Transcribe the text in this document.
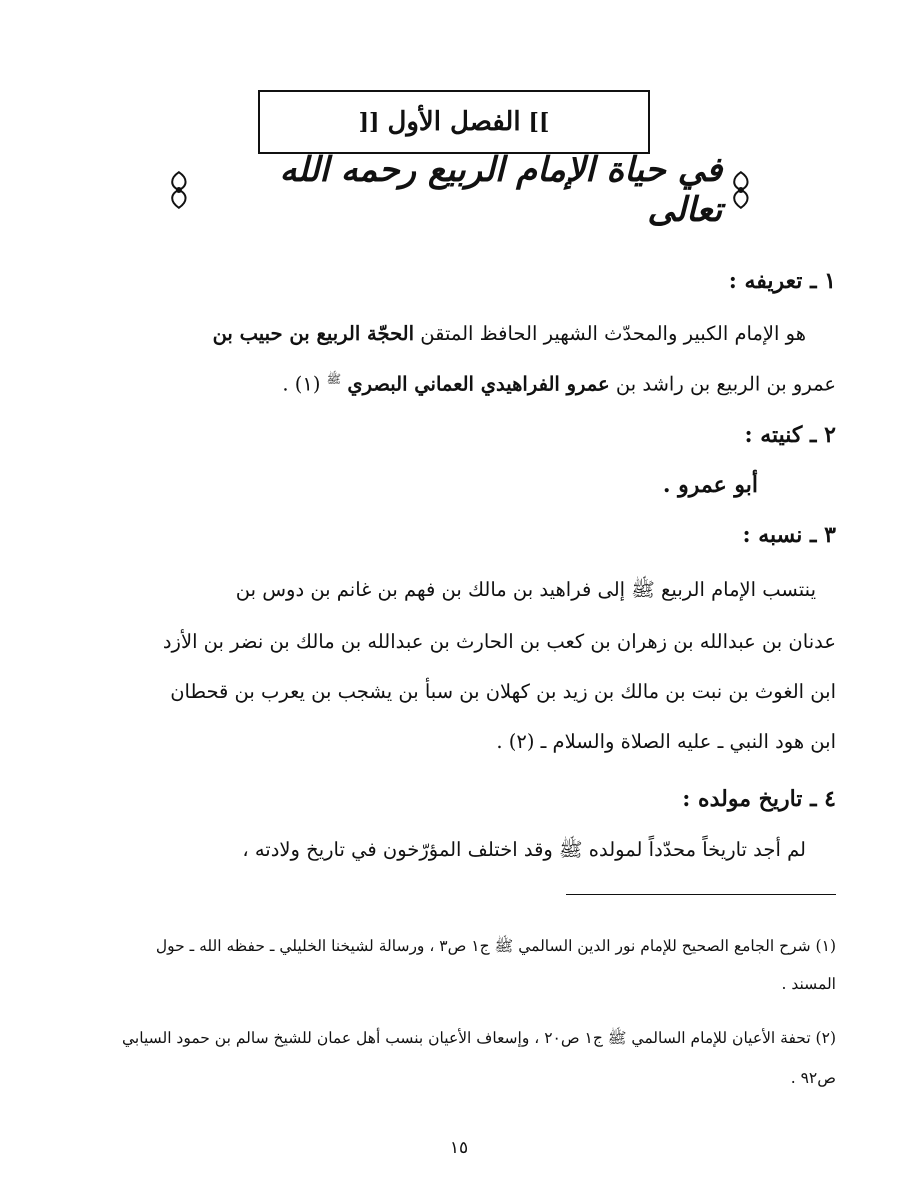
]]
الفصل الأول
[[
في حياة الإمام الربيع رحمه الله تعالى
١ ـ تعريفه :
هو الإمام الكبير والمحدّث الشهير الحافظ المتقن الحجّة الربيع بن حبيب بن
عمرو بن الربيع بن راشد بن عمرو الفراهيدي العماني البصري $^ﷺ$ (١) .
٢ ـ كنيته :
أبو عمرو .
٣ ـ نسبه :
ينتسب الإمام الربيع ﷺ إلى فراهيد بن مالك بن فهم بن غانم بن دوس بن
عدنان بن عبدالله بن زهران بن كعب بن الحارث بن عبدالله بن مالك بن نضر بن الأزد
ابن الغوث بن نبت بن مالك بن زيد بن كهلان بن سبأ بن يشجب بن يعرب بن قحطان
ابن هود النبي ـ عليه الصلاة والسلام ـ (٢) .
٤ ـ تاريخ مولده :
لم أجد تاريخاً محدّداً لمولده ﷺ وقد اختلف المؤرّخون في تاريخ ولادته ،
(١) شرح الجامع الصحيح للإمام نور الدين السالمي ﷺ ج١ ص٣ ، ورسالة لشيخنا الخليلي ـ حفظه الله ـ حول
المسند .
(٢) تحفة الأعيان للإمام السالمي ﷺ ج١ ص٢٠ ، وإسعاف الأعيان بنسب أهل عمان للشيخ سالم بن حمود السيابي
ص٩٢ .
١٥
